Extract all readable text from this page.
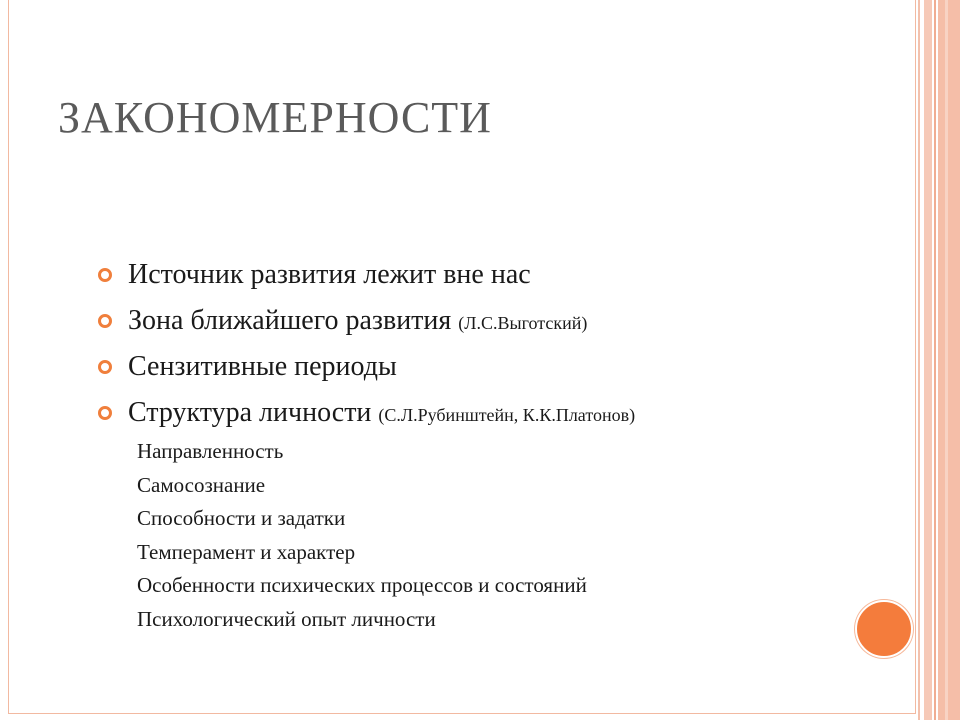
ЗАКОНОМЕРНОСТИ
Источник развития лежит вне нас
Зона ближайшего развития (Л.С.Выготский)
Сензитивные периоды
Структура личности (С.Л.Рубинштейн, К.К.Платонов)
Направленность
Самосознание
Способности и задатки
Темперамент и характер
Особенности психических процессов и состояний
Психологический опыт личности
